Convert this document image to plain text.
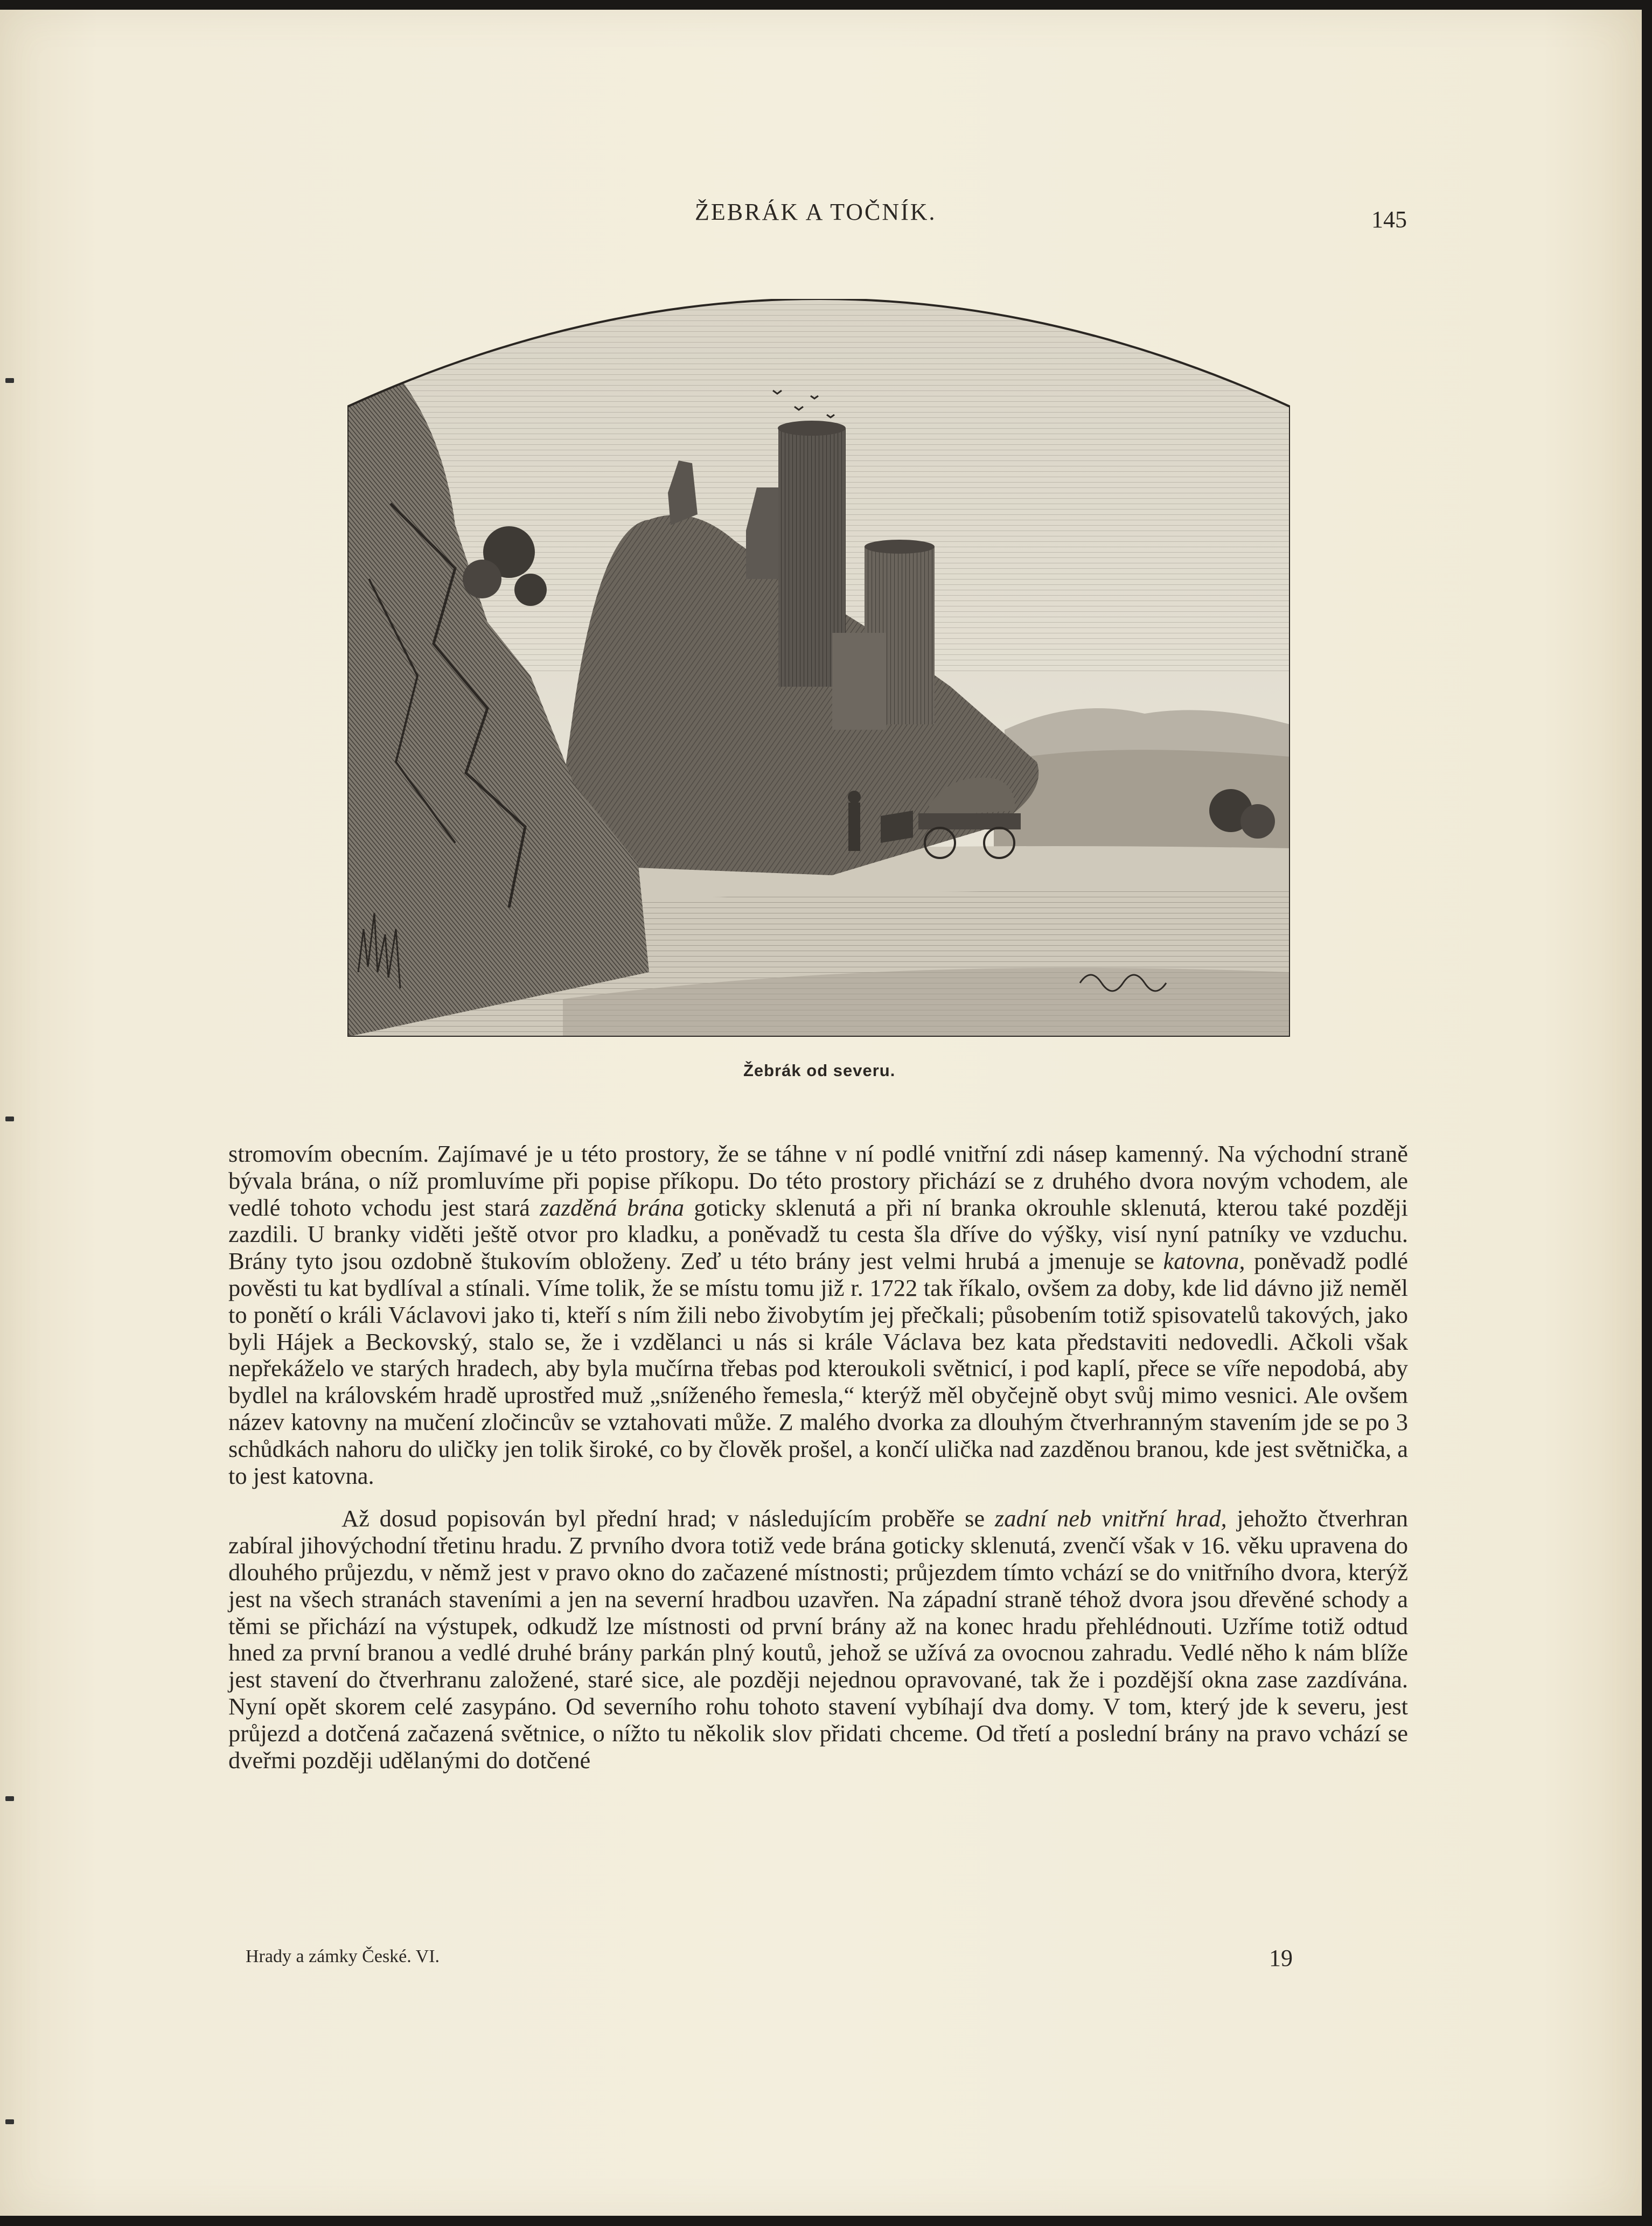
ŽEBRÁK A TOČNÍK.	145
Žebrák od severu.

stromovím obecním. Zajímavé je u této prostory, že se táhne v ní podlé vnitřní zdi násep kamenný. Na východní straně bývala brána, o níž promluvíme při popise příkopu. Do této prostory přichází se z druhého dvora novým vchodem, ale vedlé tohoto vchodu jest stará zazděná brána goticky sklenutá a při ní branka okrouhle sklenutá, kterou také později zazdili. U branky viděti ještě otvor pro kladku, a poněvadž tu cesta šla dříve do výšky, visí nyní patníky ve vzduchu. Brány tyto jsou ozdobně štukovím obloženy. Zeď u této brány jest velmi hrubá a jmenuje se katovna, poněvadž podlé pověsti tu kat bydlíval a stínali. Víme tolik, že se místu tomu již r. 1722 tak říkalo, ovšem za doby, kde lid dávno již neměl to ponětí o králi Václavovi jako ti, kteří s ním žili nebo živobytím jej přečkali; působením totiž spisovatelů takových, jako byli Hájek a Beckovský, stalo se, že i vzdělanci u nás si krále Václava bez kata představiti nedovedli. Ačkoli však nepřekáželo ve starých hradech, aby byla mučírna třebas pod kteroukoli světnicí, i pod kaplí, přece se víře nepodobá, aby bydlel na královském hradě uprostřed muž „sníženého řemesla,“ kterýž měl obyčejně obyt svůj mimo vesnici. Ale ovšem název katovny na mučení zločincův se vztahovati může. Z malého dvorka za dlouhým čtverhranným stavením jde se po 3 schůdkách nahoru do uličky jen tolik široké, co by člověk prošel, a končí ulička nad zazděnou branou, kde jest světnička, a to jest katovna.

Až dosud popisován byl přední hrad; v následujícím proběře se zadní neb vnitřní hrad, jehožto čtverhran zabíral jihovýchodní třetinu hradu. Z prvního dvora totiž vede brána goticky sklenutá, zvenčí však v 16. věku upravena do dlouhého průjezdu, v němž jest v pravo okno do začazené místnosti; průjezdem tímto vchází se do vnitřního dvora, kterýž jest na všech stranách staveními a jen na severní hradbou uzavřen. Na západní straně téhož dvora jsou dřevěné schody a těmi se přichází na výstupek, odkudž lze místnosti od první brány až na konec hradu přehlédnouti. Uzříme totiž odtud hned za první branou a vedlé druhé brány parkán plný koutů, jehož se užívá za ovocnou zahradu. Vedlé něho k nám blíže jest stavení do čtverhranu založené, staré sice, ale později nejednou opravované, tak že i pozdější okna zase zazdívána. Nyní opět skorem celé zasypáno. Od severního rohu tohoto stavení vybíhají dva domy. V tom, který jde k severu, jest průjezd a dotčená začazená světnice, o nížto tu několik slov přidati chceme. Od třetí a poslední brány na pravo vchází se dveřmi později udělanými do dotčené

Hrady a zámky České. VI.	19
